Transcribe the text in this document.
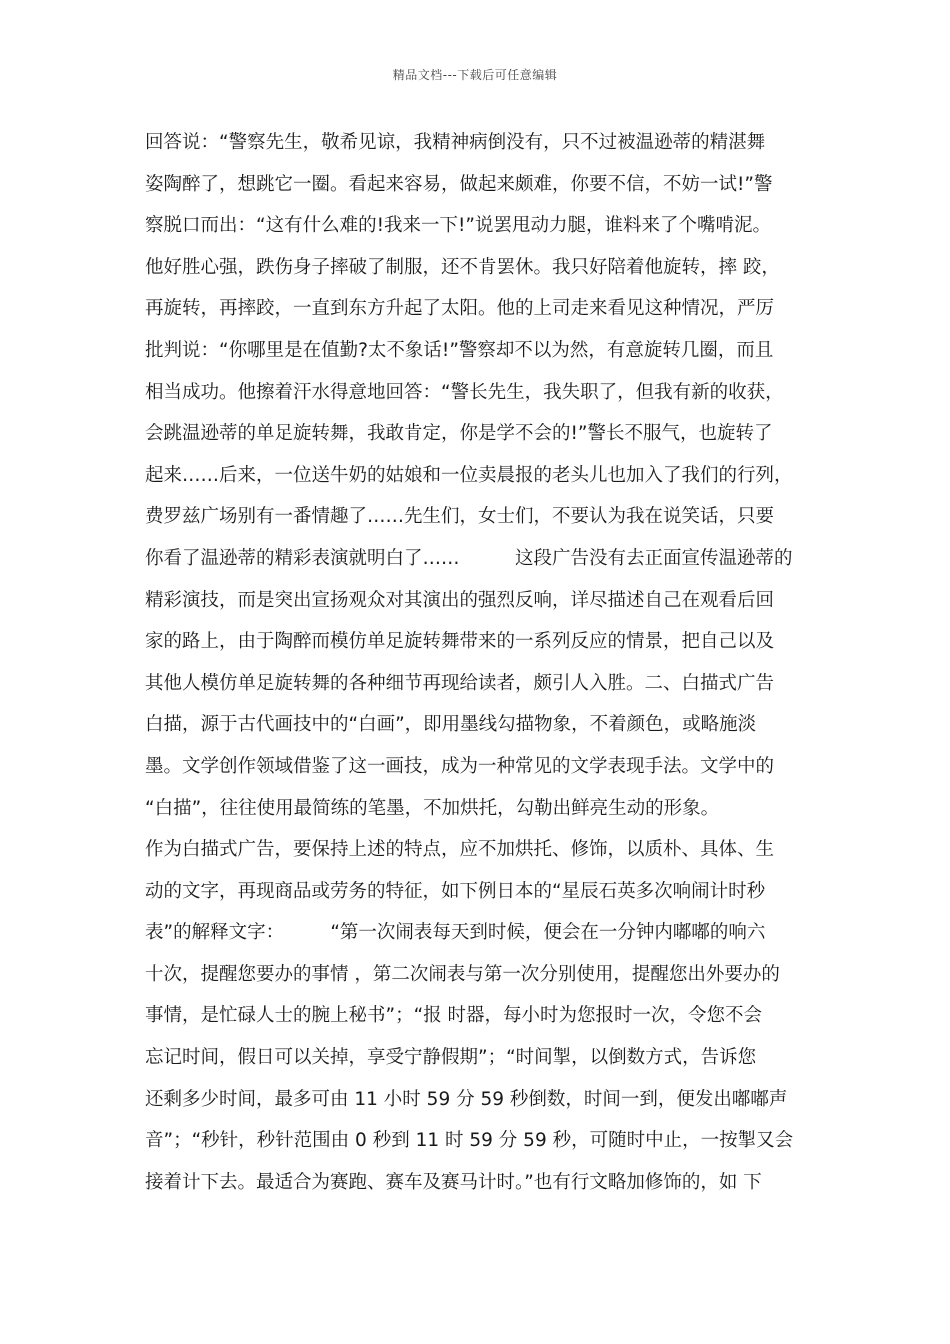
精品文档---下载后可任意编辑
回答说：“警察先生，敬希见谅，我精神病倒没有，只不过被温逊蒂的精湛舞
姿陶醉了，想跳它一圈。看起来容易，做起来颇难，你要不信，不妨一试!”警
察脱口而出：“这有什么难的!我来一下!”说罢甩动力腿，谁料来了个嘴啃泥。
他好胜心强，跌伤身子摔破了制服，还不肯罢休。我只好陪着他旋转，摔 跤，
再旋转，再摔跤，一直到东方升起了太阳。他的上司走来看见这种情况，严厉
批判说：“你哪里是在值勤?太不象话!”警察却不以为然，有意旋转几圈，而且
相当成功。他擦着汗水得意地回答：“警长先生，我失职了，但我有新的收获，
会跳温逊蒂的单足旋转舞，我敢肯定，你是学不会的!”警长不服气，也旋转了
起来……后来，一位送牛奶的姑娘和一位卖晨报的老头儿也加入了我们的行列，
费罗兹广场别有一番情趣了……先生们，女士们，不要认为我在说笑话，只要
你看了温逊蒂的精彩表演就明白了……　　　这段广告没有去正面宣传温逊蒂的
精彩演技，而是突出宣扬观众对其演出的强烈反响，详尽描述自己在观看后回
家的路上，由于陶醉而模仿单足旋转舞带来的一系列反应的情景，把自己以及
其他人模仿单足旋转舞的各种细节再现给读者，颇引人入胜。二、白描式广告
白描，源于古代画技中的“白画”，即用墨线勾描物象，不着颜色，或略施淡
墨。文学创作领域借鉴了这一画技，成为一种常见的文学表现手法。文学中的
“白描”，往往使用最简练的笔墨，不加烘托，勾勒出鲜亮生动的形象。
作为白描式广告，要保持上述的特点，应不加烘托、修饰，以质朴、具体、生
动的文字，再现商品或劳务的特征，如下例日本的“星辰石英多次响闹计时秒
表”的解释文字：　　　“第一次闹表每天到时候，便会在一分钟内嘟嘟的响六
十次，提醒您要办的事情 ，第二次闹表与第一次分别使用，提醒您出外要办的
事情，是忙碌人士的腕上秘书”；“报 时器，每小时为您报时一次，令您不会
忘记时间，假日可以关掉，享受宁静假期”；“时间掣，以倒数方式，告诉您
还剩多少时间，最多可由 11 小时 59 分 59 秒倒数，时间一到，便发出嘟嘟声
音”；“秒针，秒针范围由 0 秒到 11 时 59 分 59 秒，可随时中止，一按掣又会
接着计下去。最适合为赛跑、赛车及赛马计时。”也有行文略加修饰的，如 下
